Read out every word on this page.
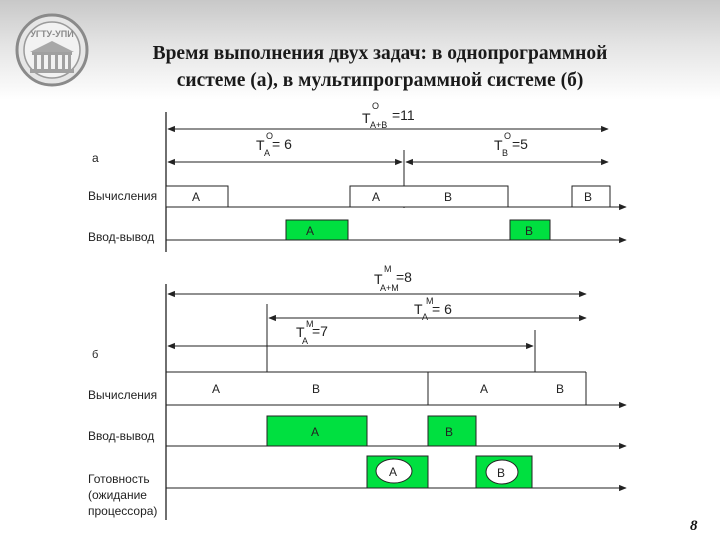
УГТУ-УПИ
Время выполнения двух задач: в однопрограммной
системе (а), в мультипрограммной системе (б)
T
O
A+B
=11
T
O
A
= 6	T
O
B
=5
а
Вычисления	A	A	B	B
Ввод-вывод	A	B
T
M
A+M
=8
T M
A = 6
T M
A
=7
б
Вычисления	A	B	A	B
Ввод-вывод	A	B
Готовность
(ожидание
процессора)
A	B
8
